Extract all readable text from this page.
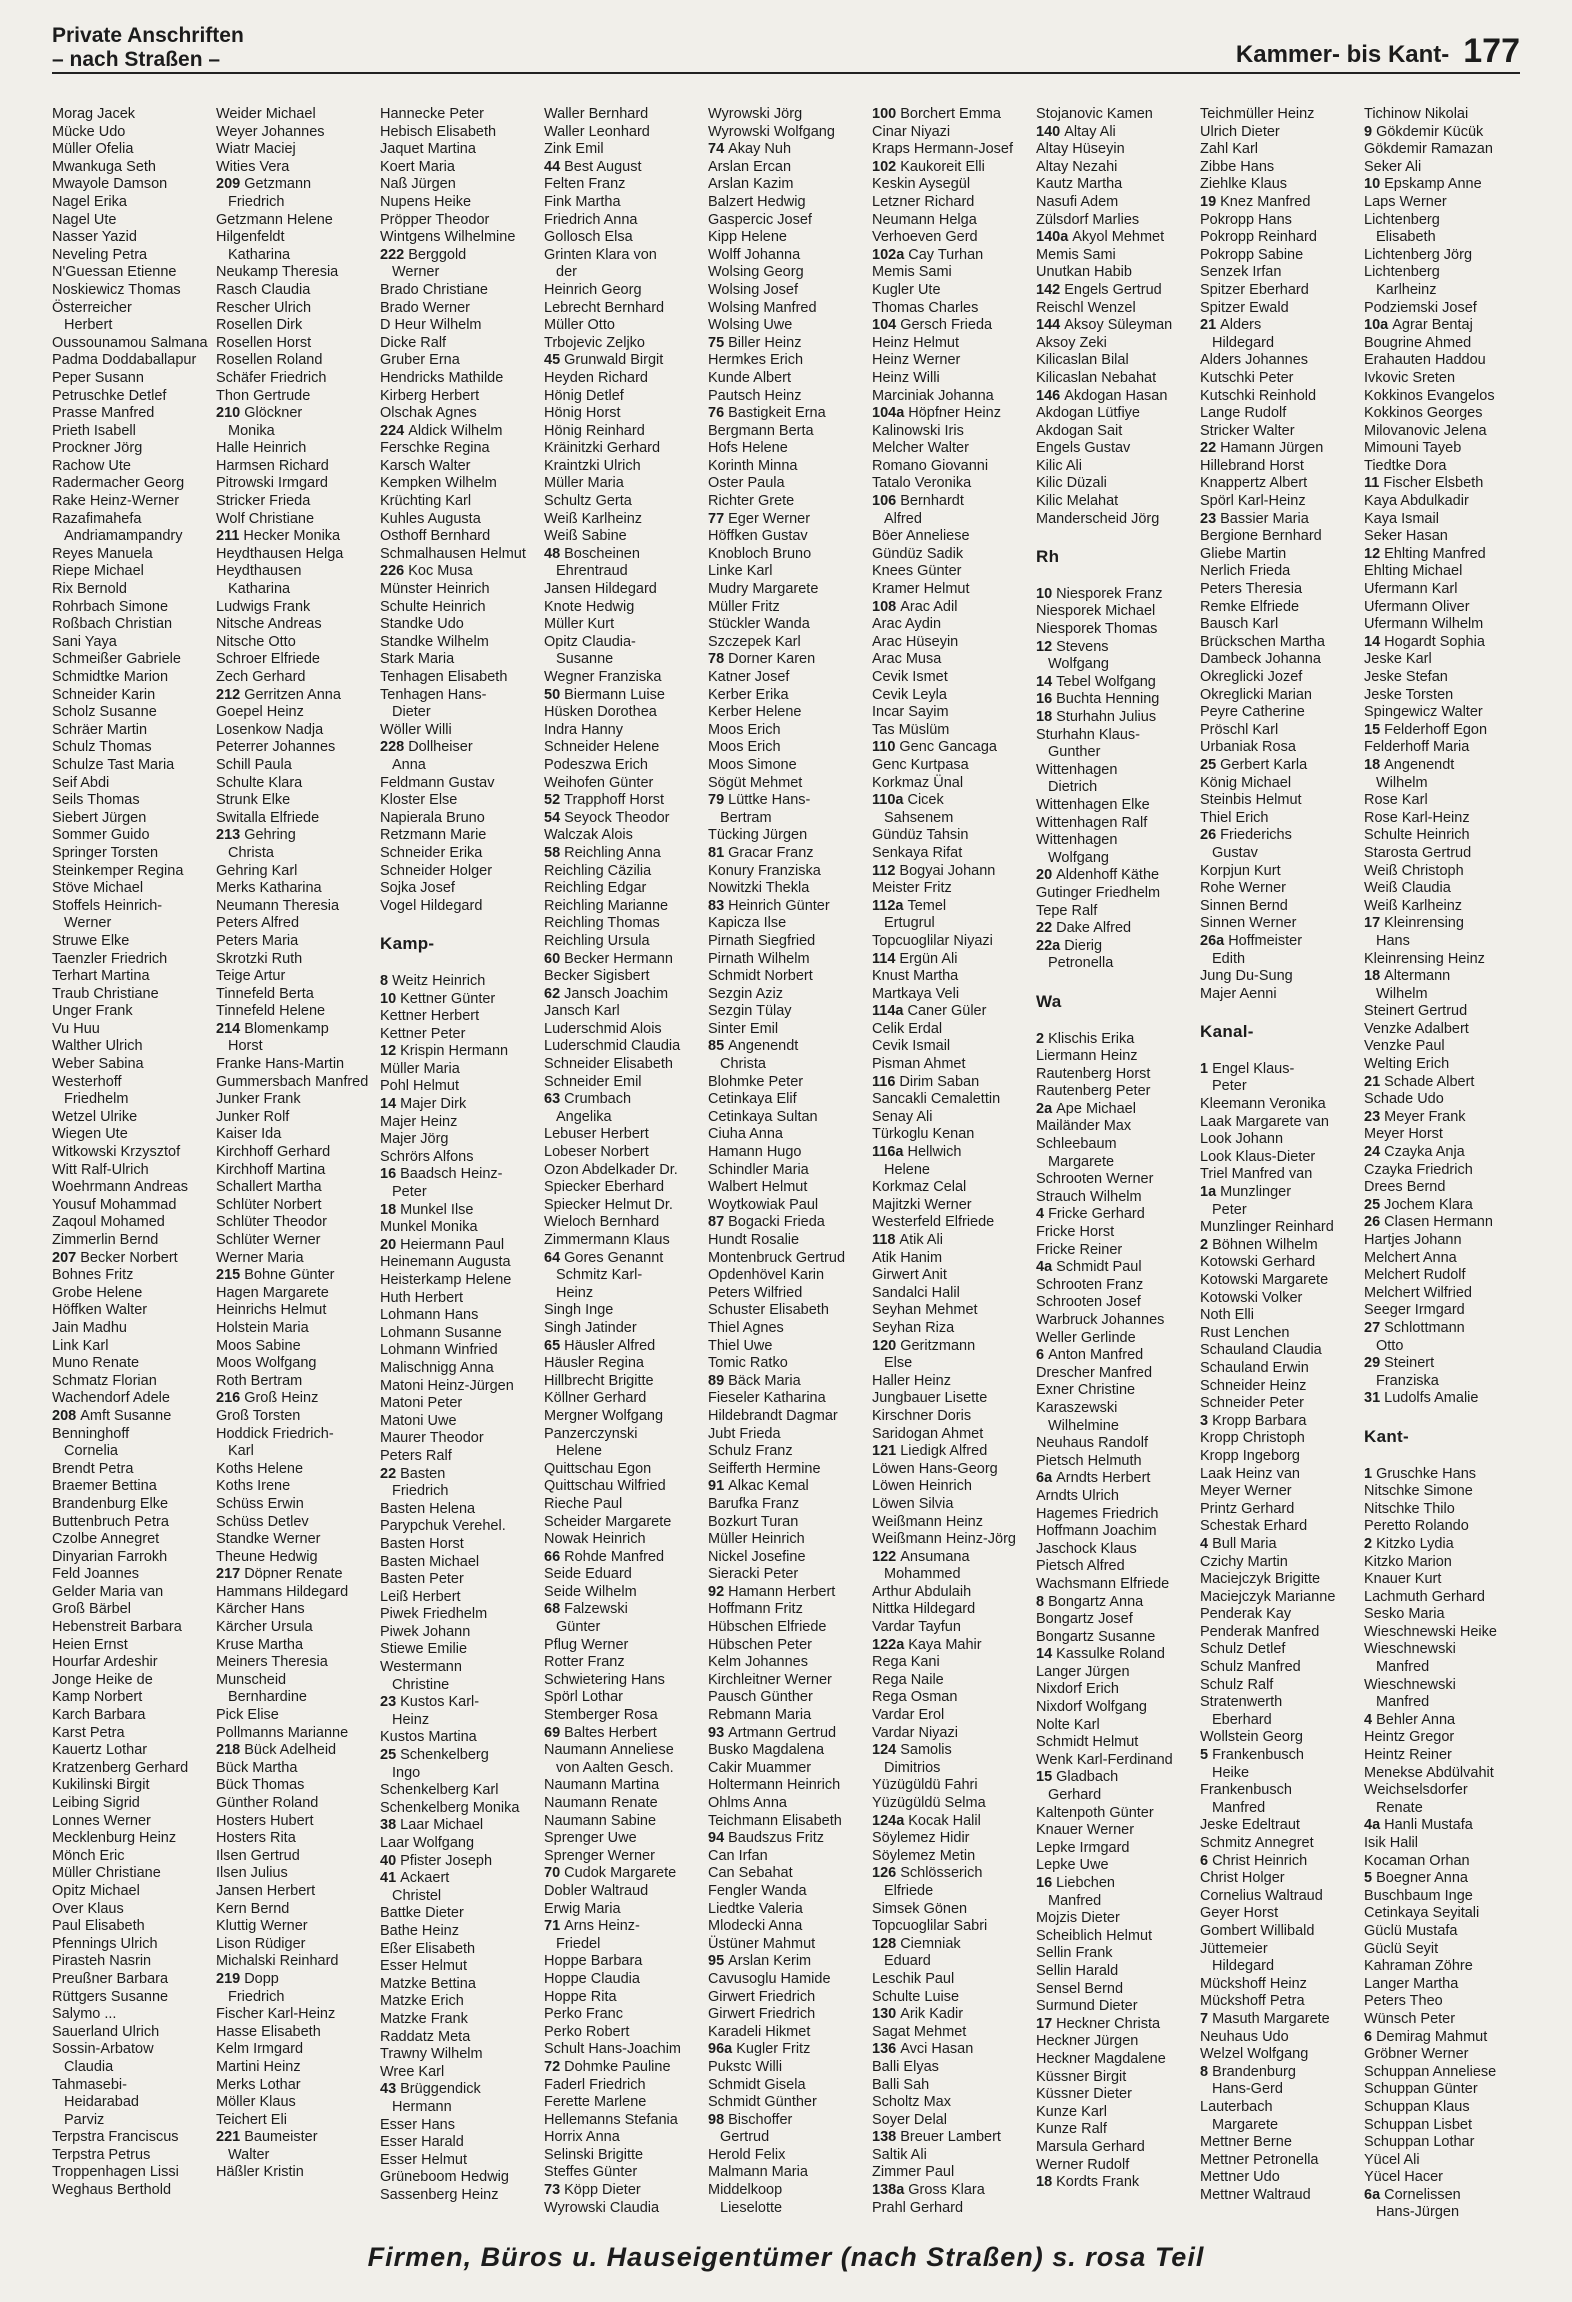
Private Anschriften
– nach Straßen –	Kammer- bis Kant- 177
Morag Jacek
Mücke Udo
Müller Ofelia
Mwankuga Seth
Mwayole Damson
Nagel Erika
Nagel Ute
Nasser Yazid
Neveling Petra
N'Guessan Etienne
Noskiewicz Thomas
Österreicher
Herbert
Oussounamou Salmana
Padma Doddaballapur
Peper Susann
Petruschke Detlef
Prasse Manfred
Prieth Isabell
Prockner Jörg
Rachow Ute
Radermacher Georg
Rake Heinz-Werner
Razafimahefa
Andriamampandry
Reyes Manuela
Riepe Michael
Rix Bernold
Rohrbach Simone
Roßbach Christian
Sani Yaya
Schmeißer Gabriele
Schmidtke Marion
Schneider Karin
Scholz Susanne
Schräer Martin
Schulz Thomas
Schulze Tast Maria
Seif Abdi
Seils Thomas
Siebert Jürgen
Sommer Guido
Springer Torsten
Steinkemper Regina
Stöve Michael
Stoffels Heinrich-
Werner
Struwe Elke
Taenzler Friedrich
Terhart Martina
Traub Christiane
Unger Frank
Vu Huu
Walther Ulrich
Weber Sabina
Westerhoff
Friedhelm
Wetzel Ulrike
Wiegen Ute
Witkowski Krzysztof
Witt Ralf-Ulrich
Woehrmann Andreas
Yousuf Mohammad
Zaqoul Mohamed
Zimmerlin Bernd
207 Becker Norbert
Bohnes Fritz
Grobe Helene
Höffken Walter
Jain Madhu
Link Karl
Muno Renate
Schmatz Florian
Wachendorf Adele
208 Amft Susanne
Benninghoff
Cornelia
Brendt Petra
Braemer Bettina
Brandenburg Elke
Buttenbruch Petra
Czolbe Annegret
Dinyarian Farrokh
Feld Joannes
Gelder Maria van
Groß Bärbel
Hebenstreit Barbara
Heien Ernst
Hourfar Ardeshir
Jonge Heike de
Kamp Norbert
Karch Barbara
Karst Petra
Kauertz Lothar
Kratzenberg Gerhard
Kukilinski Birgit
Leibing Sigrid
Lonnes Werner
Mecklenburg Heinz
Mönch Eric
Müller Christiane
Opitz Michael
Over Klaus
Paul Elisabeth
Pfennings Ulrich
Pirasteh Nasrin
Preußner Barbara
Rüttgers Susanne
Salymo ...
Sauerland Ulrich
Sossin-Arbatow
Claudia
Tahmasebi-
Heidarabad
Parviz
Terpstra Franciscus
Terpstra Petrus
Troppenhagen Lissi
Weghaus Berthold
Weider Michael
Weyer Johannes
Wiatr Maciej
Wities Vera
209 Getzmann
Friedrich
Getzmann Helene
Hilgenfeldt
Katharina
Neukamp Theresia
Rasch Claudia
Rescher Ulrich
Rosellen Dirk
Rosellen Horst
Rosellen Roland
Schäfer Friedrich
Thon Gertrude
210 Glöckner
Monika
Halle Heinrich
Harmsen Richard
Pitrowski Irmgard
Stricker Frieda
Wolf Christiane
211 Hecker Monika
Heydthausen Helga
Heydthausen
Katharina
Ludwigs Frank
Nitsche Andreas
Nitsche Otto
Schroer Elfriede
Zech Gerhard
212 Gerritzen Anna
Goepel Heinz
Losenkow Nadja
Peterrer Johannes
Schill Paula
Schulte Klara
Strunk Elke
Switalla Elfriede
213 Gehring
Christa
Gehring Karl
Merks Katharina
Neumann Theresia
Peters Alfred
Peters Maria
Skrotzki Ruth
Teige Artur
Tinnefeld Berta
Tinnefeld Helene
214 Blomenkamp
Horst
Franke Hans-Martin
Gummersbach Manfred
Junker Frank
Junker Rolf
Kaiser Ida
Kirchhoff Gerhard
Kirchhoff Martina
Schallert Martha
Schlüter Norbert
Schlüter Theodor
Schlüter Werner
Werner Maria
215 Bohne Günter
Hagen Margarete
Heinrichs Helmut
Holstein Maria
Moos Sabine
Moos Wolfgang
Roth Bertram
216 Groß Heinz
Groß Torsten
Hoddick Friedrich-
Karl
Koths Helene
Koths Irene
Schüss Erwin
Schüss Detlev
Standke Werner
Theune Hedwig
217 Döpner Renate
Hammans Hildegard
Kärcher Hans
Kärcher Ursula
Kruse Martha
Meiners Theresia
Munscheid
Bernhardine
Pick Elise
Pollmanns Marianne
218 Bück Adelheid
Bück Martha
Bück Thomas
Günther Roland
Hosters Hubert
Hosters Rita
Ilsen Gertrud
Ilsen Julius
Jansen Herbert
Kern Bernd
Kluttig Werner
Lison Rüdiger
Michalski Reinhard
219 Dopp
Friedrich
Fischer Karl-Heinz
Hasse Elisabeth
Kelm Irmgard
Martini Heinz
Merks Lothar
Möller Klaus
Teichert Eli
221 Baumeister
Walter
Häßler Kristin
Hannecke Peter
Hebisch Elisabeth
Jaquet Martina
Koert Maria
Naß Jürgen
Nupens Heike
Pröpper Theodor
Wintgens Wilhelmine
222 Berggold
Werner
Brado Christiane
Brado Werner
D Heur Wilhelm
Dicke Ralf
Gruber Erna
Hendricks Mathilde
Kirberg Herbert
Olschak Agnes
224 Aldick Wilhelm
Ferschke Regina
Karsch Walter
Kempken Wilhelm
Krüchting Karl
Kuhles Augusta
Osthoff Bernhard
Schmalhausen Helmut
226 Koc Musa
Münster Heinrich
Schulte Heinrich
Standke Udo
Standke Wilhelm
Stark Maria
Tenhagen Elisabeth
Tenhagen Hans-
Dieter
Wöller Willi
228 Dollheiser
Anna
Feldmann Gustav
Kloster Else
Napierala Bruno
Retzmann Marie
Schneider Erika
Schneider Holger
Sojka Josef
Vogel Hildegard
Kamp-
8 Weitz Heinrich
10 Kettner Günter
Kettner Herbert
Kettner Peter
12 Krispin Hermann
Müller Maria
Pohl Helmut
14 Majer Dirk
Majer Heinz
Majer Jörg
Schrörs Alfons
16 Baadsch Heinz-
Peter
18 Munkel Ilse
Munkel Monika
20 Heiermann Paul
Heinemann Augusta
Heisterkamp Helene
Huth Herbert
Lohmann Hans
Lohmann Susanne
Lohmann Winfried
Malischnigg Anna
Matoni Heinz-Jürgen
Matoni Peter
Matoni Uwe
Maurer Theodor
Peters Ralf
22 Basten
Friedrich
Basten Helena
Parypchuk Verehel.
Basten Horst
Basten Michael
Basten Peter
Leiß Herbert
Piwek Friedhelm
Piwek Johann
Stiewe Emilie
Westermann
Christine
23 Kustos Karl-
Heinz
Kustos Martina
25 Schenkelberg
Ingo
Schenkelberg Karl
Schenkelberg Monika
38 Laar Michael
Laar Wolfgang
40 Pfister Joseph
41 Ackaert
Christel
Battke Dieter
Bathe Heinz
Eßer Elisabeth
Esser Helmut
Matzke Bettina
Matzke Erich
Matzke Frank
Raddatz Meta
Trawny Wilhelm
Wree Karl
43 Brüggendick
Hermann
Esser Hans
Esser Harald
Esser Helmut
Grüneboom Hedwig
Sassenberg Heinz
Waller Bernhard
Waller Leonhard
Zink Emil
44 Best August
Felten Franz
Fink Martha
Friedrich Anna
Gollosch Elsa
Grinten Klara von
der
Heinrich Georg
Lebrecht Bernhard
Müller Otto
Trbojevic Zeljko
45 Grunwald Birgit
Heyden Richard
Hönig Detlef
Hönig Horst
Hönig Reinhard
Kräinitzki Gerhard
Kraintzki Ulrich
Müller Maria
Schultz Gerta
Weiß Karlheinz
Weiß Sabine
48 Boscheinen
Ehrentraud
Jansen Hildegard
Knote Hedwig
Müller Kurt
Opitz Claudia-
Susanne
Wegner Franziska
50 Biermann Luise
Hüsken Dorothea
Indra Hanny
Schneider Helene
Podeszwa Erich
Weihofen Günter
52 Trapphoff Horst
54 Seyock Theodor
Walczak Alois
58 Reichling Anna
Reichling Cäzilia
Reichling Edgar
Reichling Marianne
Reichling Thomas
Reichling Ursula
60 Becker Hermann
Becker Sigisbert
62 Jansch Joachim
Jansch Karl
Luderschmid Alois
Luderschmid Claudia
Schneider Elisabeth
Schneider Emil
63 Crumbach
Angelika
Lebuser Herbert
Lobeser Norbert
Ozon Abdelkader Dr.
Spiecker Eberhard
Spiecker Helmut Dr.
Wieloch Bernhard
Zimmermann Klaus
64 Gores Genannt
Schmitz Karl-
Heinz
Singh Inge
Singh Jatinder
65 Häusler Alfred
Häusler Regina
Hillbrecht Brigitte
Köllner Gerhard
Mergner Wolfgang
Panzerczynski
Helene
Quittschau Egon
Quittschau Wilfried
Rieche Paul
Scheider Margarete
Nowak Heinrich
66 Rohde Manfred
Seide Eduard
Seide Wilhelm
68 Falzewski
Günter
Pflug Werner
Rotter Franz
Schwietering Hans
Spörl Lothar
Stemberger Rosa
69 Baltes Herbert
Naumann Anneliese
von Aalten Gesch.
Naumann Martina
Naumann Renate
Naumann Sabine
Sprenger Uwe
Sprenger Werner
70 Cudok Margarete
Dobler Waltraud
Erwig Maria
71 Arns Heinz-
Friedel
Hoppe Barbara
Hoppe Claudia
Hoppe Rita
Perko Franc
Perko Robert
Schult Hans-Joachim
72 Dohmke Pauline
Faderl Friedrich
Ferette Marlene
Hellemanns Stefania
Horrix Anna
Selinski Brigitte
Steffes Günter
73 Köpp Dieter
Wyrowski Claudia
Wyrowski Jörg
Wyrowski Wolfgang
74 Akay Nuh
Arslan Ercan
Arslan Kazim
Balzert Hedwig
Gaspercic Josef
Kipp Helene
Wolff Johanna
Wolsing Georg
Wolsing Josef
Wolsing Manfred
Wolsing Uwe
75 Biller Heinz
Hermkes Erich
Kunde Albert
Pautsch Heinz
76 Bastigkeit Erna
Bergmann Berta
Hofs Helene
Korinth Minna
Oster Paula
Richter Grete
77 Eger Werner
Höffken Gustav
Knobloch Bruno
Linke Karl
Mudry Margarete
Müller Fritz
Stückler Wanda
Szczepek Karl
78 Dorner Karen
Katner Josef
Kerber Erika
Kerber Helene
Moos Erich
Moos Erich
Moos Simone
Sögüt Mehmet
79 Lüttke Hans-
Bertram
Tücking Jürgen
81 Gracar Franz
Konury Franziska
Nowitzki Thekla
83 Heinrich Günter
Kapicza Ilse
Pirnath Siegfried
Pirnath Wilhelm
Schmidt Norbert
Sezgin Aziz
Sezgin Tülay
Sinter Emil
85 Angenendt
Christa
Blohmke Peter
Cetinkaya Elif
Cetinkaya Sultan
Ciuha Anna
Hamann Hugo
Schindler Maria
Walbert Helmut
Woytkowiak Paul
87 Bogacki Frieda
Hundt Rosalie
Montenbruck Gertrud
Opdenhövel Karin
Peters Wilfried
Schuster Elisabeth
Thiel Agnes
Thiel Uwe
Tomic Ratko
89 Bäck Maria
Fieseler Katharina
Hildebrandt Dagmar
Jubt Frieda
Schulz Franz
Seifferth Hermine
91 Alkac Kemal
Barufka Franz
Bozkurt Turan
Müller Heinrich
Nickel Josefine
Sieracki Peter
92 Hamann Herbert
Hoffmann Fritz
Hübschen Elfriede
Hübschen Peter
Kelm Johannes
Kirchleitner Werner
Pausch Günther
Rebmann Maria
93 Artmann Gertrud
Busko Magdalena
Cakir Muammer
Holtermann Heinrich
Ohlms Anna
Teichmann Elisabeth
94 Baudszus Fritz
Can Irfan
Can Sebahat
Fengler Wanda
Liedtke Valeria
Mlodecki Anna
Üstüner Mahmut
95 Arslan Kerim
Cavusoglu Hamide
Girwert Friedrich
Girwert Friedrich
Karadeli Hikmet
96a Kugler Fritz
Pukstc Willi
Schmidt Gisela
Schmidt Günther
98 Bischoffer
Gertrud
Herold Felix
Malmann Maria
Middelkoop
Lieselotte
100 Borchert Emma
Cinar Niyazi
Kraps Hermann-Josef
102 Kaukoreit Elli
Keskin Aysegül
Letzner Richard
Neumann Helga
Verhoeven Gerd
102a Cay Turhan
Memis Sami
Kugler Ute
Thomas Charles
104 Gersch Frieda
Heinz Helmut
Heinz Werner
Heinz Willi
Marciniak Johanna
104a Höpfner Heinz
Kalinowski Iris
Melcher Walter
Romano Giovanni
Tatalo Veronika
106 Bernhardt
Alfred
Böer Anneliese
Gündüz Sadik
Knees Günter
Kramer Helmut
108 Arac Adil
Arac Aydin
Arac Hüseyin
Arac Musa
Cevik Ismet
Cevik Leyla
Incar Sayim
Tas Müslüm
110 Genc Gancaga
Genc Kurtpasa
Korkmaz Ünal
110a Cicek
Sahsenem
Gündüz Tahsin
Senkaya Rifat
112 Bogyai Johann
Meister Fritz
112a Temel
Ertugrul
Topcuoglilar Niyazi
114 Ergün Ali
Knust Martha
Martkaya Veli
114a Caner Güler
Celik Erdal
Cevik Ismail
Pisman Ahmet
116 Dirim Saban
Sancakli Cemalettin
Senay Ali
Türkoglu Kenan
116a Hellwich
Helene
Korkmaz Celal
Majitzki Werner
Westerfeld Elfriede
118 Atik Ali
Atik Hanim
Girwert Anit
Sandalci Halil
Seyhan Mehmet
Seyhan Riza
120 Geritzmann
Else
Haller Heinz
Jungbauer Lisette
Kirschner Doris
Saridogan Ahmet
121 Liedigk Alfred
Löwen Hans-Georg
Löwen Heinrich
Löwen Silvia
Weißmann Heinz
Weißmann Heinz-Jörg
122 Ansumana
Mohammed
Arthur Abdulaih
Nittka Hildegard
Vardar Tayfun
122a Kaya Mahir
Rega Kani
Rega Naile
Rega Osman
Vardar Erol
Vardar Niyazi
124 Samolis
Dimitrios
Yüzügüldü Fahri
Yüzügüldü Selma
124a Kocak Halil
Söylemez Hidir
Söylemez Metin
126 Schlösserich
Elfriede
Simsek Gönen
Topcuoglilar Sabri
128 Ciemniak
Eduard
Leschik Paul
Schulte Luise
130 Arik Kadir
Sagat Mehmet
136 Avci Hasan
Balli Elyas
Balli Sah
Scholtz Max
Soyer Delal
138 Breuer Lambert
Saltik Ali
Zimmer Paul
138a Gross Klara
Prahl Gerhard
Stojanovic Kamen
140 Altay Ali
Altay Hüseyin
Altay Nezahi
Kautz Martha
Nasufi Adem
Zülsdorf Marlies
140a Akyol Mehmet
Memis Sami
Unutkan Habib
142 Engels Gertrud
Reischl Wenzel
144 Aksoy Süleyman
Aksoy Zeki
Kilicaslan Bilal
Kilicaslan Nebahat
146 Akdogan Hasan
Akdogan Lütfiye
Akdogan Sait
Engels Gustav
Kilic Ali
Kilic Düzali
Kilic Melahat
Manderscheid Jörg
Rh
10 Niesporek Franz
Niesporek Michael
Niesporek Thomas
12 Stevens
Wolfgang
14 Tebel Wolfgang
16 Buchta Henning
18 Sturhahn Julius
Sturhahn Klaus-
Gunther
Wittenhagen
Dietrich
Wittenhagen Elke
Wittenhagen Ralf
Wittenhagen
Wolfgang
20 Aldenhoff Käthe
Gutinger Friedhelm
Tepe Ralf
22 Dake Alfred
22a Dierig
Petronella
Wa
2 Klischis Erika
Liermann Heinz
Rautenberg Horst
Rautenberg Peter
2a Ape Michael
Mailänder Max
Schleebaum
Margarete
Schrooten Werner
Strauch Wilhelm
4 Fricke Gerhard
Fricke Horst
Fricke Reiner
4a Schmidt Paul
Schrooten Franz
Schrooten Josef
Warbruck Johannes
Weller Gerlinde
6 Anton Manfred
Drescher Manfred
Exner Christine
Karaszewski
Wilhelmine
Neuhaus Randolf
Pietsch Helmuth
6a Arndts Herbert
Arndts Ulrich
Hagemes Friedrich
Hoffmann Joachim
Jaschock Klaus
Pietsch Alfred
Wachsmann Elfriede
8 Bongartz Anna
Bongartz Josef
Bongartz Susanne
14 Kassulke Roland
Langer Jürgen
Nixdorf Erich
Nixdorf Wolfgang
Nolte Karl
Schmidt Helmut
Wenk Karl-Ferdinand
15 Gladbach
Gerhard
Kaltenpoth Günter
Knauer Werner
Lepke Irmgard
Lepke Uwe
16 Liebchen
Manfred
Mojzis Dieter
Scheiblich Helmut
Sellin Frank
Sellin Harald
Sensel Bernd
Surmund Dieter
17 Heckner Christa
Heckner Jürgen
Heckner Magdalene
Küssner Birgit
Küssner Dieter
Kunze Karl
Kunze Ralf
Marsula Gerhard
Werner Rudolf
18 Kordts Frank
Teichmüller Heinz
Ulrich Dieter
Zahl Karl
Zibbe Hans
Ziehlke Klaus
19 Knez Manfred
Pokropp Hans
Pokropp Reinhard
Pokropp Sabine
Senzek Irfan
Spitzer Eberhard
Spitzer Ewald
21 Alders
Hildegard
Alders Johannes
Kutschki Peter
Kutschki Reinhold
Lange Rudolf
Stricker Walter
22 Hamann Jürgen
Hillebrand Horst
Knappertz Albert
Spörl Karl-Heinz
23 Bassier Maria
Bergione Bernhard
Gliebe Martin
Nerlich Frieda
Peters Theresia
Remke Elfriede
Bausch Karl
Brückschen Martha
Dambeck Johanna
Okreglicki Jozef
Okreglicki Marian
Peyre Catherine
Pröschl Karl
Urbaniak Rosa
25 Gerbert Karla
König Michael
Steinbis Helmut
Thiel Erich
26 Friederichs
Gustav
Korpjun Kurt
Rohe Werner
Sinnen Bernd
Sinnen Werner
26a Hoffmeister
Edith
Jung Du-Sung
Majer Aenni
Kanal-
1 Engel Klaus-
Peter
Kleemann Veronika
Laak Margarete van
Look Johann
Look Klaus-Dieter
Triel Manfred van
1a Munzlinger
Peter
Munzlinger Reinhard
2 Böhnen Wilhelm
Kotowski Gerhard
Kotowski Margarete
Kotowski Volker
Noth Elli
Rust Lenchen
Schauland Claudia
Schauland Erwin
Schneider Heinz
Schneider Peter
3 Kropp Barbara
Kropp Christoph
Kropp Ingeborg
Laak Heinz van
Meyer Werner
Printz Gerhard
Schestak Erhard
4 Bull Maria
Czichy Martin
Maciejczyk Brigitte
Maciejczyk Marianne
Penderak Kay
Penderak Manfred
Schulz Detlef
Schulz Manfred
Schulz Ralf
Stratenwerth
Eberhard
Wollstein Georg
5 Frankenbusch
Heike
Frankenbusch
Manfred
Jeske Edeltraut
Schmitz Annegret
6 Christ Heinrich
Christ Holger
Cornelius Waltraud
Geyer Horst
Gombert Willibald
Jüttemeier
Hildegard
Mückshoff Heinz
Mückshoff Petra
7 Masuth Margarete
Neuhaus Udo
Welzel Wolfgang
8 Brandenburg
Hans-Gerd
Lauterbach
Margarete
Mettner Berne
Mettner Petronella
Mettner Udo
Mettner Waltraud
Tichinow Nikolai
9 Gökdemir Kücük
Gökdemir Ramazan
Seker Ali
10 Epskamp Anne
Laps Werner
Lichtenberg
Elisabeth
Lichtenberg Jörg
Lichtenberg
Karlheinz
Podziemski Josef
10a Agrar Bentaj
Bougrine Ahmed
Erahauten Haddou
Ivkovic Sreten
Kokkinos Evangelos
Kokkinos Georges
Milovanovic Jelena
Mimouni Tayeb
Tiedtke Dora
11 Fischer Elsbeth
Kaya Abdulkadir
Kaya Ismail
Seker Hasan
12 Ehlting Manfred
Ehlting Michael
Ufermann Karl
Ufermann Oliver
Ufermann Wilhelm
14 Hogardt Sophia
Jeske Karl
Jeske Stefan
Jeske Torsten
Spingewicz Walter
15 Felderhoff Egon
Felderhoff Maria
18 Angenendt
Wilhelm
Rose Karl
Rose Karl-Heinz
Schulte Heinrich
Starosta Gertrud
Weiß Christoph
Weiß Claudia
Weiß Karlheinz
17 Kleinrensing
Hans
Kleinrensing Heinz
18 Altermann
Wilhelm
Steinert Gertrud
Venzke Adalbert
Venzke Paul
Welting Erich
21 Schade Albert
Schade Udo
23 Meyer Frank
Meyer Horst
24 Czayka Anja
Czayka Friedrich
Drees Bernd
25 Jochem Klara
26 Clasen Hermann
Hartjes Johann
Melchert Anna
Melchert Rudolf
Melchert Wilfried
Seeger Irmgard
27 Schlottmann
Otto
29 Steinert
Franziska
31 Ludolfs Amalie
Kant-
1 Gruschke Hans
Nitschke Simone
Nitschke Thilo
Peretto Rolando
2 Kitzko Lydia
Kitzko Marion
Knauer Kurt
Lachmuth Gerhard
Sesko Maria
Wieschnewski Heike
Wieschnewski
Manfred
Wieschnewski
Manfred
4 Behler Anna
Heintz Gregor
Heintz Reiner
Menekse Abdülvahit
Weichselsdorfer
Renate
4a Hanli Mustafa
Isik Halil
Kocaman Orhan
5 Boegner Anna
Buschbaum Inge
Cetinkaya Seyitali
Güclü Mustafa
Güclü Seyit
Kahraman Zöhre
Langer Martha
Peters Theo
Wünsch Peter
6 Demirag Mahmut
Gröbner Werner
Schuppan Anneliese
Schuppan Günter
Schuppan Klaus
Schuppan Lisbet
Schuppan Lothar
Yücel Ali
Yücel Hacer
6a Cornelissen
Hans-Jürgen
Firmen, Büros u. Hauseigentümer (nach Straßen) s. rosa Teil
